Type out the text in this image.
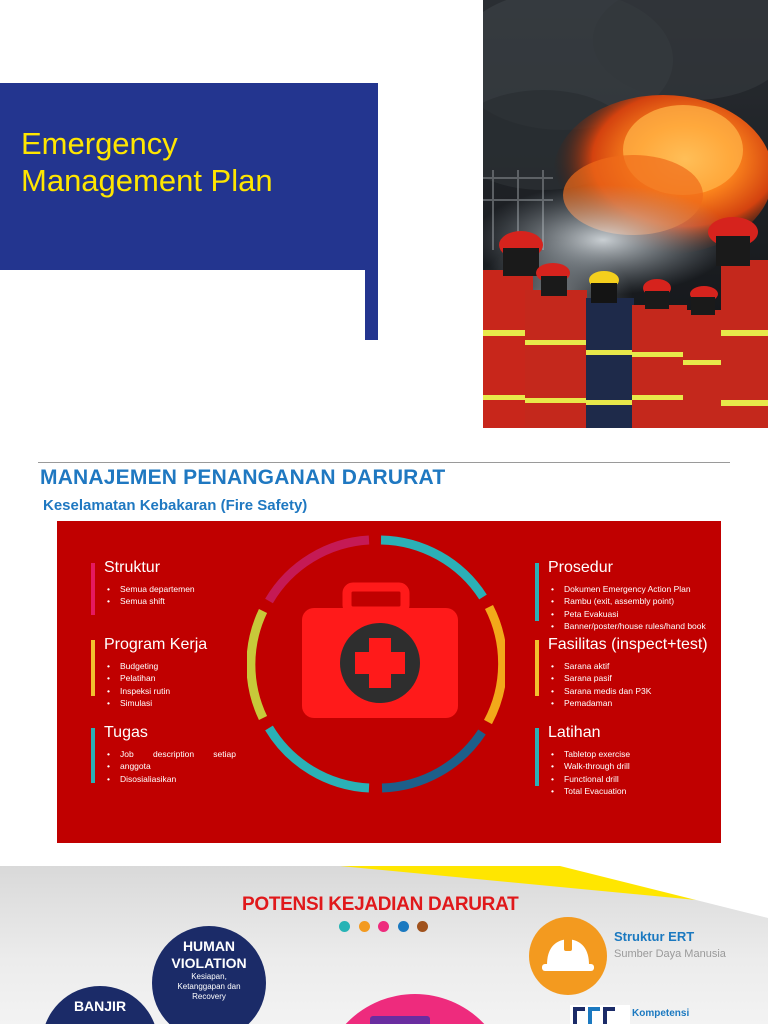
Emergency
Management Plan
MANAJEMEN PENANGANAN DARURAT
Keselamatan Kebakaran (Fire Safety)
Struktur
• Semua departemen
• Semua shift
Program Kerja
• Budgeting
• Pelatihan
• Inspeksi rutin
• Simulasi
Tugas
• Job description setiap
• anggota
• Disosialiasikan
Prosedur
• Dokumen Emergency Action Plan
• Rambu (exit, assembly point)
• Peta Evakuasi
• Banner/poster/house rules/hand book
Fasilitas (inspect+test)
• Sarana aktif
• Sarana pasif
• Sarana medis dan P3K
• Pemadaman
Latihan
• Tabletop exercise
• Walk-through drill
• Functional drill
• Total Evacuation
POTENSI KEJADIAN DARURAT
HUMAN
VIOLATION
Kesiapan,
Ketanggapan dan
Recovery
BANJIR
Struktur ERT
Sumber Daya Manusia
Kompetensi
